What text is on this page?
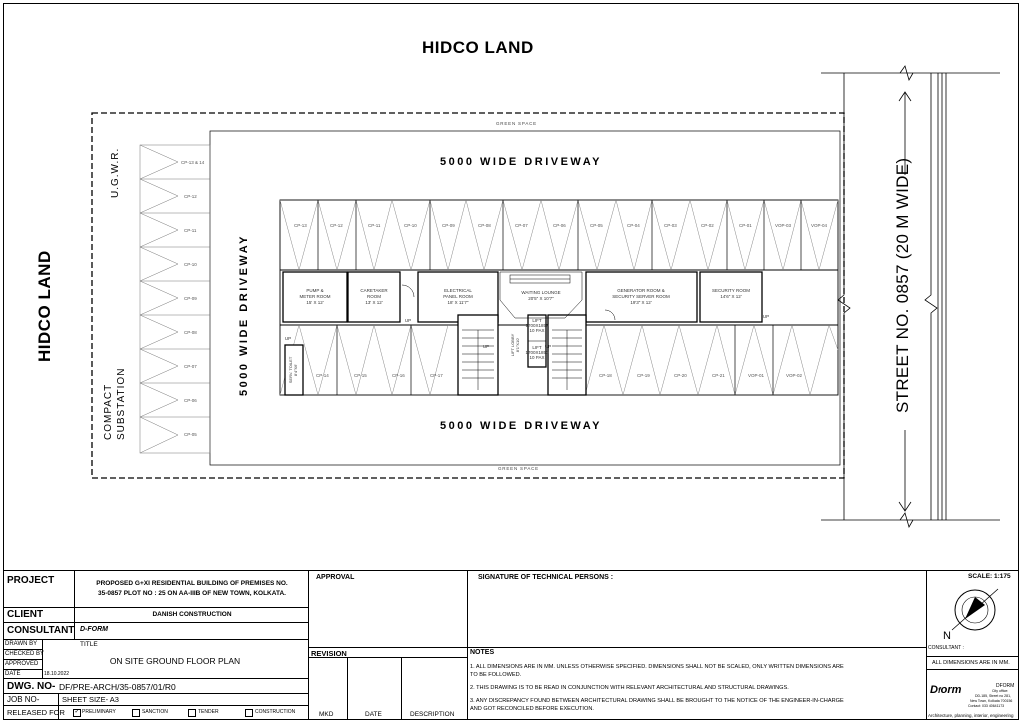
HIDCO LAND
HIDCO LAND	STREET NO. 0857 (20 M WIDE)
CP-13 & 14
CP-12
CP-11
CP-10
CP-09
CP-08
CP-07
CP-06
CP-05
CP-13	CP-12	CP-11	CP-10	CP-09	CP-08	CP-07	CP-06	CP-05	CP-04	CP-03	CP-02	CP-01	VOP-03	VOP-04
CP-14	CP-15	CP-16	CP-17	CP-18	CP-19	CP-20	CP-21	VOP-01	VOP-02
PUMP &
METER ROOM
15' X 12'
CARETAKER
ROOM
13' X 12'
ELECTRICAL
PANEL ROOM
18' X 11'7"
WAITING LOUNGE
20'5" X 10'7"
GENERATOR ROOM &
SECURITY SERVER ROOM
19'3" X 12'
SECURITY ROOM
14'6" X 12'
LIFT
1700X1850
10 PAX
LIFT
1700X1850
10 PAX
UP
UP
UP	UP
UP
LIFT LOBBY 8'1"X10'
SERV. TOILET 8'4"X6'
GREEN SPACE
GREEN SPACE
U.G.W.R.
COMPACT SUBSTATION
5000 WIDE DRIVEWAY
5000 WIDE DRIVEWAY
5000 WIDE DRIVEWAY
PROJECT	PROPOSED G+XI RESIDENTIAL BUILDING OF PREMISES NO.
35-0857 PLOT NO : 25 ON AA-IIIB OF NEW TOWN, KOLKATA.
CLIENT	DANISH CONSTRUCTION
CONSULTANT D-FORM
DRAWN BY
CHECKED BY
APPROVED
DATE	18.10.2022
TITLE
ON SITE GROUND FLOOR PLAN
DWG. NO- DF/PRE-ARCH/35-0857/01/R0
JOB NO-	SHEET SIZE- A3
RELEASED FOR ✓ PRELIMINARY	SANCTION	TENDER	CONSTRUCTION
APPROVAL	SIGNATURE OF TECHNICAL PERSONS :
REVISION
MKD	DATE	DESCRIPTION
NOTES
1. ALL DIMENSIONS ARE IN MM. UNLESS OTHERWISE SPECIFIED. DIMENSIONS SHALL NOT BE SCALED, ONLY WRITTEN DIMENSIONS ARE
TO BE FOLLOWED.
2. THIS DRAWING IS TO BE READ IN CONJUNCTION WITH RELEVANT ARCHITECTURAL AND STRUCTURAL DRAWINGS.
3. ANY DISCREPANCY FOUND BETWEEN ARCHITECTURAL DRAWING SHALL BE BROUGHT TO THE NOTICE OF THE ENGINEER-IN-CHARGE
AND GOT RECONCILED BEFORE EXECUTION.
SCALE: 1:175
CONSULTANT :
N
ALL DIMENSIONS ARE IN MM.
Dform	DFORM
City office:
DD-185, Street no 281,
New Town, Kolkata 700156
Contact: 033 40641173
Architecture, planning, interior, engineering
